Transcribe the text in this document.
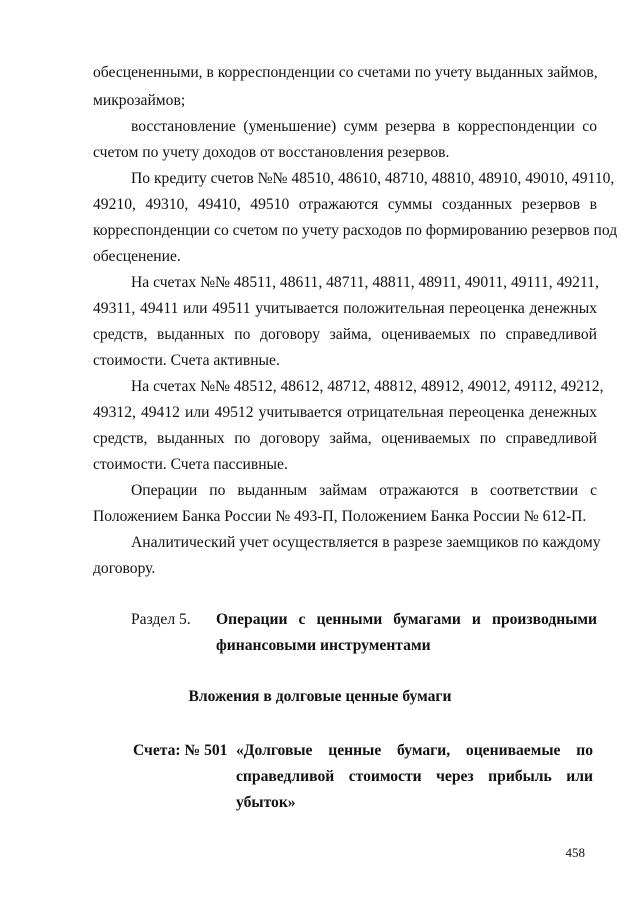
обесцененными, в корреспонденции со счетами по учету выданных займов,
микрозаймов;
восстановление (уменьшение) сумм резерва в корреспонденции со
счетом по учету доходов от восстановления резервов.
По кредиту счетов №№ 48510, 48610, 48710, 48810, 48910, 49010, 49110,
49210, 49310, 49410, 49510 отражаются суммы созданных резервов в
корреспонденции со счетом по учету расходов по формированию резервов под
обесценение.
На счетах №№ 48511, 48611, 48711, 48811, 48911, 49011, 49111, 49211,
49311, 49411 или 49511 учитывается положительная переоценка денежных
средств, выданных по договору займа, оцениваемых по справедливой
стоимости. Счета активные.
На счетах №№ 48512, 48612, 48712, 48812, 48912, 49012, 49112, 49212,
49312, 49412 или 49512 учитывается отрицательная переоценка денежных
средств, выданных по договору займа, оцениваемых по справедливой
стоимости. Счета пассивные.
Операции по выданным займам отражаются в соответствии с
Положением Банка России № 493-П, Положением Банка России № 612-П.
Аналитический учет осуществляется в разрезе заемщиков по каждому
договору.
Раздел 5. Операции с ценными бумагами и производными
финансовыми инструментами
Вложения в долговые ценные бумаги
Счета: № 501 «Долговые ценные бумаги, оцениваемые по
справедливой стоимости через прибыль или
убыток»
458
